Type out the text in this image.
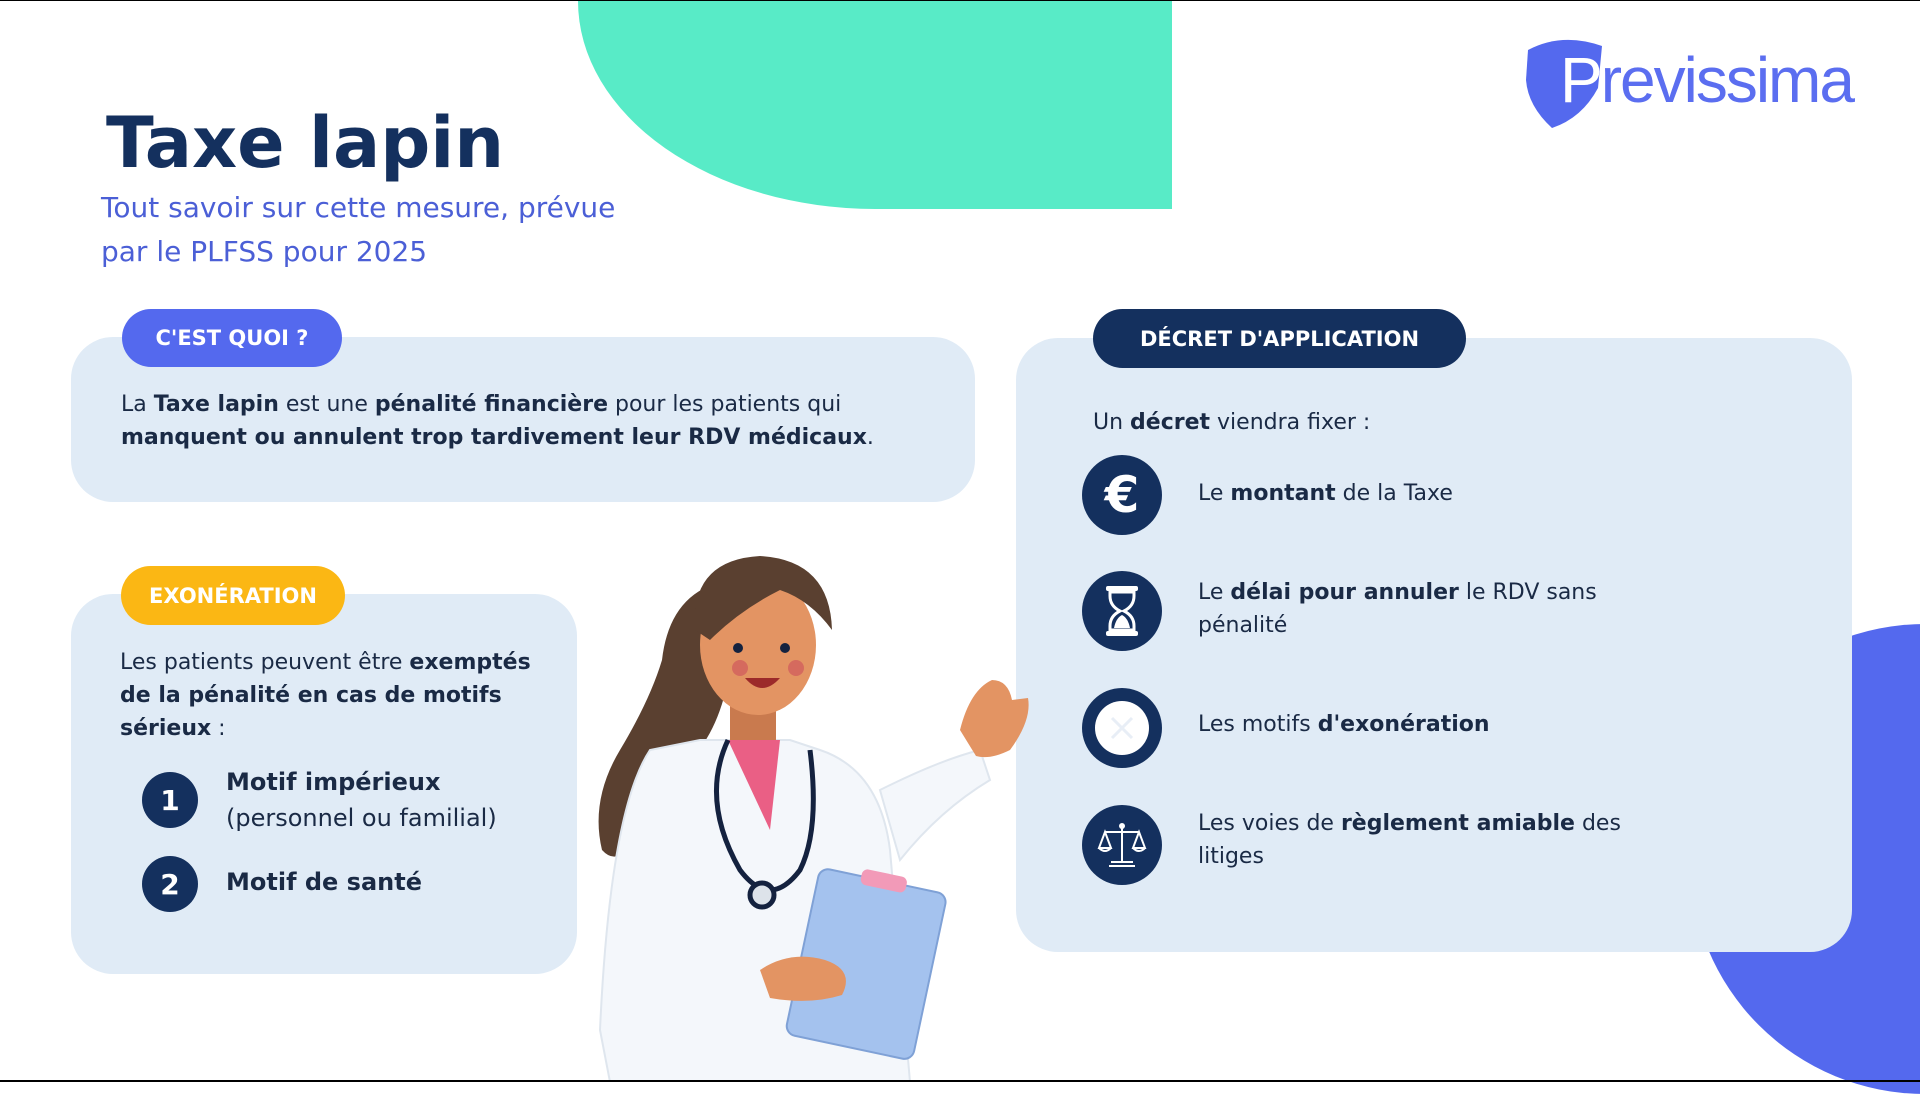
Previssima
Taxe lapin

Tout savoir sur cette mesure, prévue par le PLFSS pour 2025

C'EST QUOI ?

La Taxe lapin est une pénalité financière pour les patients qui manquent ou annulent trop tardivement leur RDV médicaux.

EXONÉRATION

Les patients peuvent être exemptés de la pénalité en cas de motifs sérieux :

1
Motif impérieux
(personnel ou familial)
2	Motif de santé
DÉCRET D'APPLICATION

Un décret viendra fixer :

€	Le montant de la Taxe
Le délai pour annuler le RDV sans pénalité
Les motifs d'exonération
Les voies de règlement amiable des litiges
